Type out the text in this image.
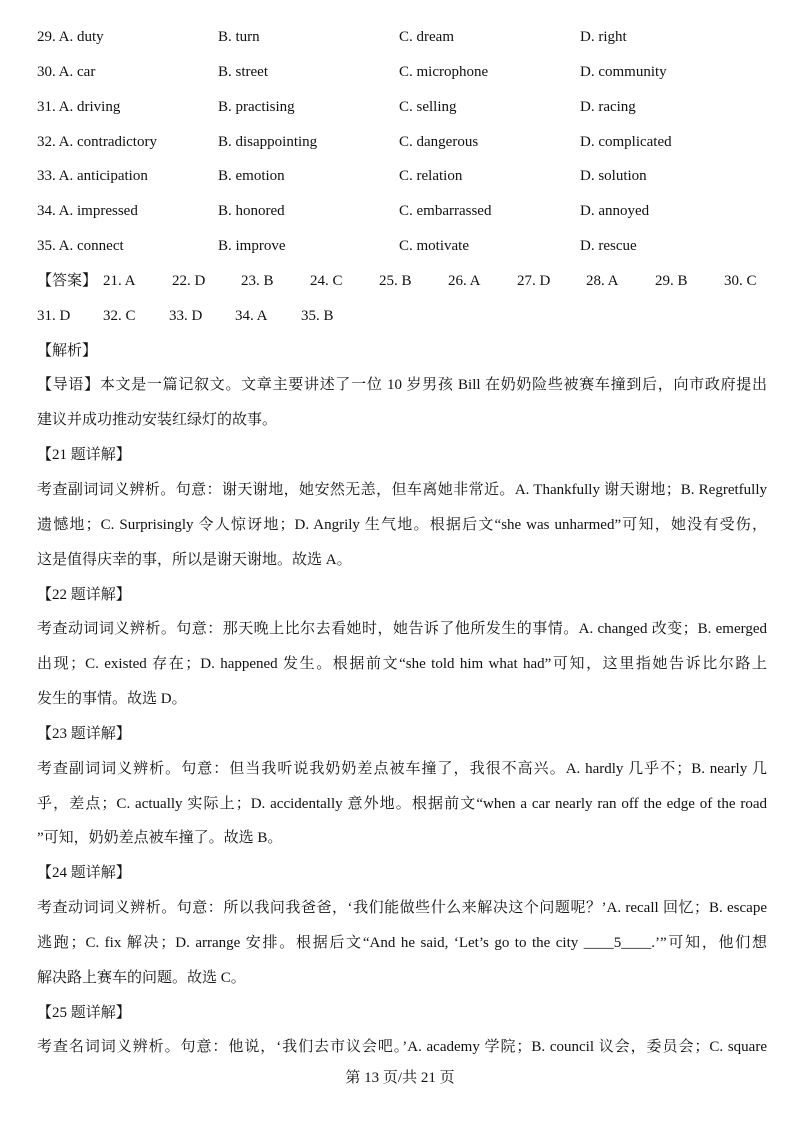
29. A. duty	B. turn	C. dream	D. right
30. A. car	B. street	C. microphone	D. community
31. A. driving	B. practising	C. selling	D. racing
32. A. contradictory	B. disappointing	C. dangerous	D. complicated
33. A. anticipation	B. emotion	C. relation	D. solution
34. A. impressed	B. honored	C. embarrassed	D. annoyed
35. A. connect	B. improve	C. motivate	D. rescue
【答案】 21. A 22. D 23. B 24. C 25. B 26. A 27. D 28. A 29. B 30. C
31. D 32. C 33. D 34. A 35. B
【解析】
【导语】本文是一篇记叙文。文章主要讲述了一位 10 岁男孩 Bill 在奶奶险些被赛车撞到后，向市政府提出
建议并成功推动安装红绿灯的故事。
【21 题详解】
考查副词词义辨析。句意：谢天谢地，她安然无恙，但车离她非常近。A. Thankfully 谢天谢地；B. Regretfully
遗憾地；C. Surprisingly 令人惊讶地；D. Angrily 生气地。根据后文“she was unharmed”可知，她没有受伤，
这是值得庆幸的事，所以是谢天谢地。故选 A。
【22 题详解】
考查动词词义辨析。句意：那天晚上比尔去看她时，她告诉了他所发生的事情。A. changed 改变；B. emerged
出现；C. existed 存在；D. happened 发生。根据前文“she told him what had”可知，这里指她告诉比尔路上
发生的事情。故选 D。
【23 题详解】
考查副词词义辨析。句意：但当我听说我奶奶差点被车撞了，我很不高兴。A. hardly 几乎不；B. nearly 几
乎，差点；C. actually 实际上；D. accidentally 意外地。根据前文“when a car nearly ran off the edge of the road
”可知，奶奶差点被车撞了。故选 B。
【24 题详解】
考查动词词义辨析。句意：所以我问我爸爸，‘我们能做些什么来解决这个问题呢？’A. recall 回忆；B. escape
逃跑；C. fix 解决；D. arrange 安排。根据后文“And he said, ‘Let’s go to the city ____5____.’”可知，他们想
解决路上赛车的问题。故选 C。
【25 题详解】
考查名词词义辨析。句意：他说，‘我们去市议会吧。’A. academy 学院；B. council 议会，委员会；C. square
第 13 页/共 21 页
